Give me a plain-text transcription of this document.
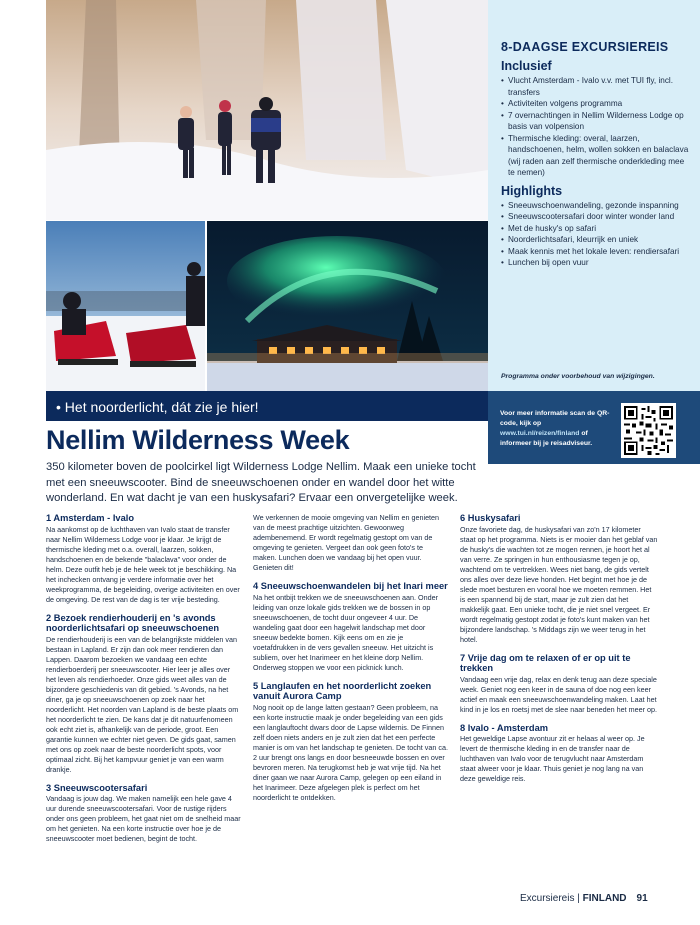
8-DAAGSE EXCURSIEREIS
Inclusief
• Vlucht Amsterdam - Ivalo v.v. met TUI fly, incl. transfers
• Activiteiten volgens programma
• 7 overnachtingen in Nellim Wilderness Lodge op basis van volpension
• Thermische kleding: overal, laarzen, handschoenen, helm, wollen sokken en balaclava (wij raden aan zelf thermische onderkleding mee te nemen)
Highlights
• Sneeuwschoenwandeling, gezonde inspanning
• Sneeuwscootersafari door winter wonder land
• Met de husky's op safari
• Noorderlichtsafari, kleurrijk en uniek
• Maak kennis met het lokale leven: rendiersafari
• Lunchen bij open vuur
Programma onder voorbehoud van wijzigingen.
• Het noorderlicht, dát zie je hier!	Voor meer informatie scan de QR-code, kijk op www.tui.nl/reizen/finland of informeer bij je reisadviseur.
Nellim Wilderness Week
350 kilometer boven de poolcirkel ligt Wilderness Lodge Nellim. Maak een unieke tocht met een sneeuwscooter. Bind de sneeuwschoenen onder en wandel door het witte wonderland. En wat dacht je van een huskysafari? Ervaar een onvergetelijke week.
1 Amsterdam - Ivalo
Na aankomst op de luchthaven van Ivalo staat de transfer naar Nellim Wilderness Lodge voor je klaar. Je krijgt de thermische kleding met o.a. overall, laarzen, sokken, handschoenen en de bekende "balaclava" voor onder de helm. Deze outfit heb je de hele week tot je beschikking. Na het inchecken ontvang je verdere informatie over het weekprogramma, de begeleiding, overige activiteiten en over de omgeving. De rest van de dag is ter vrije besteding.
2 Bezoek rendierhouderij en 's avonds noorderlichtsafari op sneeuwschoenen
De rendierhouderij is een van de belangrijkste middelen van bestaan in Lapland. Er zijn dan ook meer rendieren dan Lappen. Daarom bezoeken we vandaag een echte rendierboerderij per sneeuwscooter. Hier leer je alles over het leven als rendierhoeder. Onze gids weet alles van de bijzondere geschiedenis van dit gebied. 's Avonds, na het diner, ga je op sneeuwschoenen op zoek naar het noorderlicht. Het noorden van Lapland is de beste plaats om het noorderlicht te zien. De kans dat je dit natuurfenomeen ook echt ziet is, afhankelijk van de periode, groot. Een garantie kunnen we echter niet geven. De gids gaat, samen met ons op zoek naar de beste noorderlicht spots, voor optimaal zicht. Bij het kampvuur geniet je van een warm drankje.
3 Sneeuwscootersafari
Vandaag is jouw dag. We maken namelijk een hele gave 4 uur durende sneeuwscootersafari. Voor de rustige rijders onder ons geen probleem, het gaat niet om de snelheid maar om het genieten. Na een korte instructie over hoe je de sneeuwscooter moet bedienen, begint de tocht.
We verkennen de mooie omgeving van Nellim en genieten van de meest prachtige uitzichten. Gewoonweg adembenemend. Er wordt regelmatig gestopt om van de omgeving te genieten. Vergeet dan ook geen foto's te maken. Lunchen doen we vandaag bij het open vuur. Genieten dit!
4 Sneeuwschoenwandelen bij het Inari meer
Na het ontbijt trekken we de sneeuwschoenen aan. Onder leiding van onze lokale gids trekken we de bossen in op sneeuwschoenen, de tocht duur ongeveer 4 uur. De wandeling gaat door een hagelwit landschap met door sneeuw bedekte bomen. Kijk eens om en zie je voetafdrukken in de vers gevallen sneeuw. Het uitzicht is subliem, over het Inarimeer en het kleine dorp Nellim. Onderweg stoppen we voor een picknick lunch.
5 Langlaufen en het noorderlicht zoeken vanuit Aurora Camp
Nog nooit op de lange latten gestaan? Geen probleem, na een korte instructie maak je onder begeleiding van een gids een langlauftocht dwars door de Lapse wildernis. De Finnen zelf doen niets anders en je zult zien dat het een perfecte manier is om van het landschap te genieten. De tocht van ca. 2 uur brengt ons langs en door besneeuwde bossen en over bevroren meren. Na terugkomst heb je wat vrije tijd. Na het diner gaan we naar Aurora Camp, gelegen op een eiland in het Inarimeer. Deze afgelegen plek is perfect om het noorderlicht te ontdekken.
6 Huskysafari
Onze favoriete dag, de huskysafari van zo'n 17 kilometer staat op het programma. Niets is er mooier dan het geblaf van de husky's die wachten tot ze mogen rennen, je hoort het al van verre. Ze springen in hun enthousiasme tegen je op, wachtend om te vertrekken. Wees niet bang, de gids vertelt ons alles over deze lieve honden. Het begint met hoe je de slede moet besturen en vooral hoe we moeten remmen. Het is een spannend bij de start, maar je zult zien dat het makkelijk gaat. Een unieke tocht, die je niet snel vergeet. Er wordt regelmatig gestopt zodat je foto's kunt maken van het bijzondere landschap. 's Middags zijn we weer terug in het hotel.
7 Vrije dag om te relaxen of er op uit te trekken
Vandaag een vrije dag, relax en denk terug aan deze speciale week. Geniet nog een keer in de sauna of doe nog een keer actief en maak een sneeuwschoenwandeling maken. Laat het kind in je los en roetsj met de slee naar beneden het meer op.
8 Ivalo - Amsterdam
Het geweldige Lapse avontuur zit er helaas al weer op. Je levert de thermische kleding in en de transfer naar de luchthaven van Ivalo voor de terugvlucht naar Amsterdam staat alweer voor je klaar. Thuis geniet je nog lang na van deze geweldige reis.
Excursiereis | FINLAND 91
